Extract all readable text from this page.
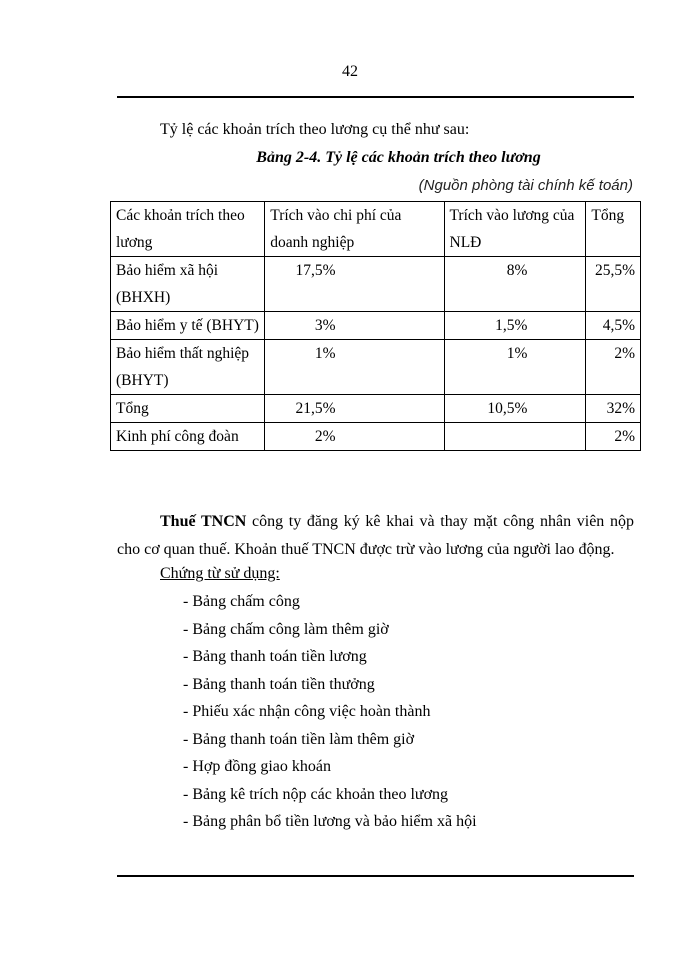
42
Tỷ lệ các khoản trích theo lương cụ thể như sau:
Bảng 2-4. Tỷ lệ các khoản trích theo lương
(Nguồn phòng tài chính kế toán)
Các khoản trích theo lương	Trích vào chi phí của doanh nghiệp	Trích vào lương của NLĐ	Tổng
Bảo hiểm xã hội (BHXH)	17,5%	8%	25,5%
Bảo hiểm y tế (BHYT)	3%	1,5%	4,5%
Bảo hiểm thất nghiệp (BHYT)	1%	1%	2%
Tổng	21,5%	10,5%	32%
Kinh phí công đoàn	2%		2%
Thuế TNCN công ty đăng ký kê khai và thay mặt công nhân viên nộp cho cơ quan thuế. Khoản thuế TNCN được trừ vào lương của người lao động.
Chứng từ sử dụng:
- Bảng chấm công
- Bảng chấm công làm thêm giờ
- Bảng thanh toán tiền lương
- Bảng thanh toán tiền thưởng
- Phiếu xác nhận công việc hoàn thành
- Bảng thanh toán tiền làm thêm giờ
- Hợp đồng giao khoán
- Bảng kê trích nộp các khoản theo lương
- Bảng phân bổ tiền lương và bảo hiểm xã hội
